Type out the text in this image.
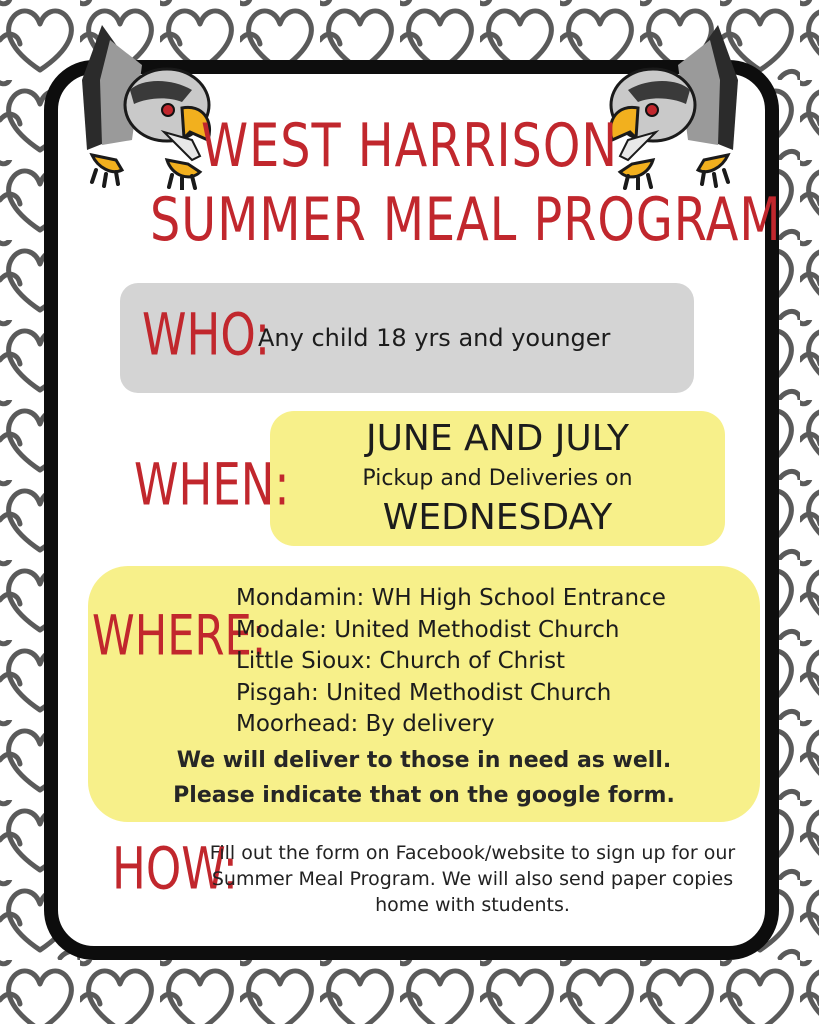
WEST HARRISON
SUMMER MEAL PROGRAM
WHO:
Any child 18 yrs and younger
WHEN:
JUNE AND JULY
Pickup and Deliveries on
WEDNESDAY
WHERE:
Mondamin: WH High School Entrance
Modale: United Methodist Church
Little Sioux: Church of Christ
Pisgah: United Methodist Church
Moorhead: By delivery
We will deliver to those in need as well.
Please indicate that on the google form.
HOW:
Fill out the form on Facebook/website to sign up for our Summer Meal Program. We will also send paper copies home with students.
